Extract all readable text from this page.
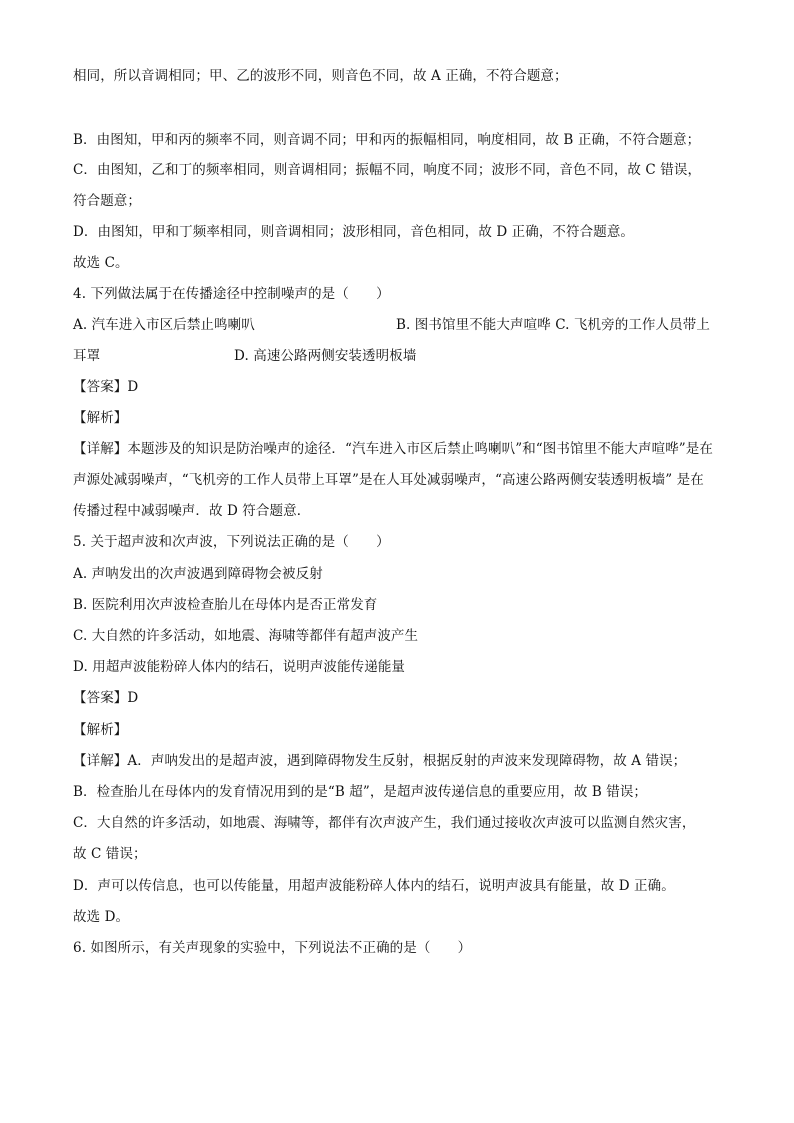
相同，所以音调相同；甲、乙的波形不同，则音色不同，故 A 正确，不符合题意；
B．由图知，甲和丙的频率不同，则音调不同；甲和丙的振幅相同，响度相同，故 B 正确，不符合题意；
C．由图知，乙和丁的频率相同，则音调相同；振幅不同，响度不同；波形不同，音色不同，故 C 错误，
符合题意；
D．由图知，甲和丁频率相同，则音调相同；波形相同，音色相同，故 D 正确，不符合题意。
故选 C。
4. 下列做法属于在传播途径中控制噪声的是（　　）
A. 汽车进入市区后禁止鸣喇叭	B. 图书馆里不能大声喧哗 C. 飞机旁的工作人员带上
耳罩	D. 高速公路两侧安装透明板墙
【答案】D
【解析】
【详解】本题涉及的知识是防治噪声的途径．“汽车进入市区后禁止鸣喇叭”和“图书馆里不能大声喧哗”是在
声源处减弱噪声，“飞机旁的工作人员带上耳罩”是在人耳处减弱噪声，“高速公路两侧安装透明板墙” 是在
传播过程中减弱噪声．故 D 符合题意．
5. 关于超声波和次声波，下列说法正确的是（　　）
A. 声呐发出的次声波遇到障碍物会被反射
B. 医院利用次声波检查胎儿在母体内是否正常发育
C. 大自然的许多活动，如地震、海啸等都伴有超声波产生
D. 用超声波能粉碎人体内的结石，说明声波能传递能量
【答案】D
【解析】
【详解】A．声呐发出的是超声波，遇到障碍物发生反射，根据反射的声波来发现障碍物，故 A 错误；
B．检查胎儿在母体内的发育情况用到的是“B 超”，是超声波传递信息的重要应用，故 B 错误；
C．大自然的许多活动，如地震、海啸等，都伴有次声波产生，我们通过接收次声波可以监测自然灾害，
故 C 错误；
D．声可以传信息，也可以传能量，用超声波能粉碎人体内的结石，说明声波具有能量，故 D 正确。
故选 D。
6. 如图所示，有关声现象的实验中，下列说法不正确的是（　　）
